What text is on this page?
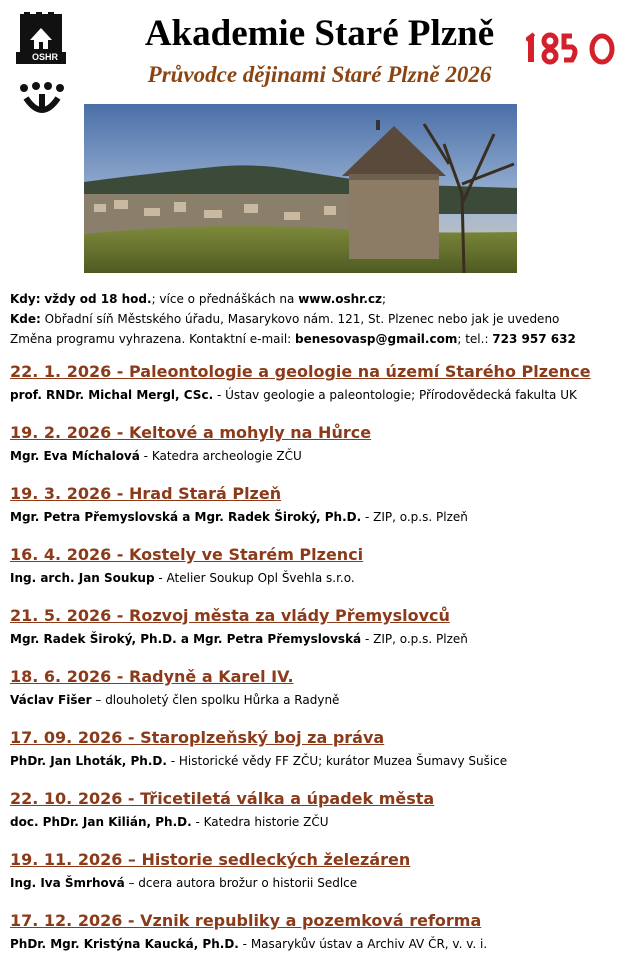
OSHR
Akademie Staré Plzně
Průvodce dějinami Staré Plzně 2026
Kdy: vždy od 18 hod.; více o přednáškách na www.oshr.cz;
Kde: Obřadní síň Městského úřadu, Masarykovo nám. 121, St. Plzenec nebo jak je uvedeno
Změna programu vyhrazena. Kontaktní e-mail: benesovasp@gmail.com; tel.: 723 957 632
22. 1. 2026 - Paleontologie a geologie na území Starého Plzence
prof. RNDr. Michal Mergl, CSc. - Ústav geologie a paleontologie; Přírodovědecká fakulta UK
19. 2. 2026 - Keltové a mohyly na Hůrce
Mgr. Eva Míchalová - Katedra archeologie ZČU
19. 3. 2026 - Hrad Stará Plzeň
Mgr. Petra Přemyslovská a Mgr. Radek Široký, Ph.D. - ZIP, o.p.s. Plzeň
16. 4. 2026 - Kostely ve Starém Plzenci
Ing. arch. Jan Soukup - Atelier Soukup Opl Švehla s.r.o.
21. 5. 2026 - Rozvoj města za vlády Přemyslovců
Mgr. Radek Široký, Ph.D. a Mgr. Petra Přemyslovská - ZIP, o.p.s. Plzeň
18. 6. 2026 - Radyně a Karel IV.
Václav Fišer – dlouholetý člen spolku Hůrka a Radyně
17. 09. 2026 - Staroplzeňský boj za práva
PhDr. Jan Lhoták, Ph.D. - Historické vědy FF ZČU; kurátor Muzea Šumavy Sušice
22. 10. 2026 - Třicetiletá válka a úpadek města
doc. PhDr. Jan Kilián, Ph.D. - Katedra historie ZČU
19. 11. 2026 – Historie sedleckých železáren
Ing. Iva Šmrhová – dcera autora brožur o historii Sedlce
17. 12. 2026 - Vznik republiky a pozemková reforma
PhDr. Mgr. Kristýna Kaucká, Ph.D. - Masarykův ústav a Archiv AV ČR, v. v. i.
